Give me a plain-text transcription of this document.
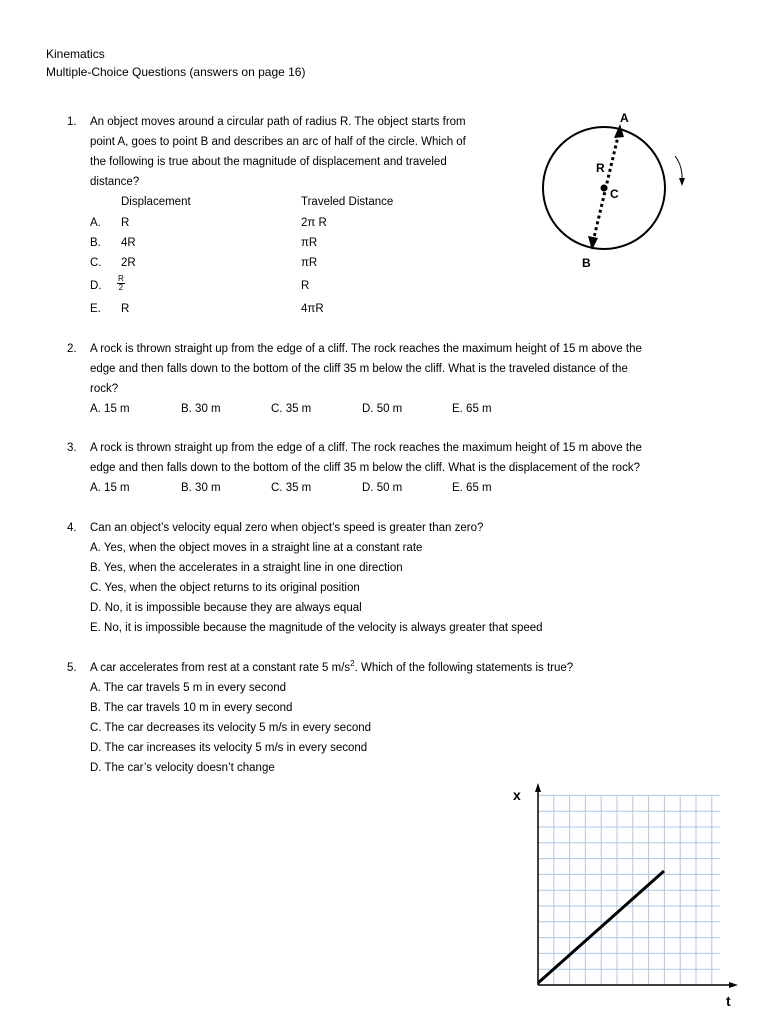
Kinematics
Multiple-Choice Questions (answers on page 16)
1. An object moves around a circular path of radius R. The object starts from
point A, goes to point B and describes an arc of half of the circle. Which of
the following is true about the magnitude of displacement and traveled
distance?
Displacement	Traveled Distance
A. R	2π R
B. 4R	πR
C. 2R	πR
D. $\frac{R}{2}$	R
E. R	4πR
A
B
C
R
2. A rock is thrown straight up from the edge of a cliff. The rock reaches the maximum height of 15 m above the
edge and then falls down to the bottom of the cliff 35 m below the cliff. What is the traveled distance of the
rock?
A. 15 m	B. 30 m	C. 35 m	D. 50 m	E. 65 m
3. A rock is thrown straight up from the edge of a cliff. The rock reaches the maximum height of 15 m above the
edge and then falls down to the bottom of the cliff 35 m below the cliff. What is the displacement of the rock?
A. 15 m	B. 30 m	C. 35 m	D. 50 m	E. 65 m
4. Can an object’s velocity equal zero when object’s speed is greater than zero?
A. Yes, when the object moves in a straight line at a constant rate
B. Yes, when the accelerates in a straight line in one direction
C. Yes, when the object returns to its original position
D. No, it is impossible because they are always equal
E. No, it is impossible because the magnitude of the velocity is always greater that speed
5. A car accelerates from rest at a constant rate 5 $m/s^2$. Which of the following statements is true?
A. The car travels 5 m in every second
B. The car travels 10 m in every second
C. The car decreases its velocity 5 m/s in every second
D. The car increases its velocity 5 m/s in every second
D. The car’s velocity doesn’t change
x
t
